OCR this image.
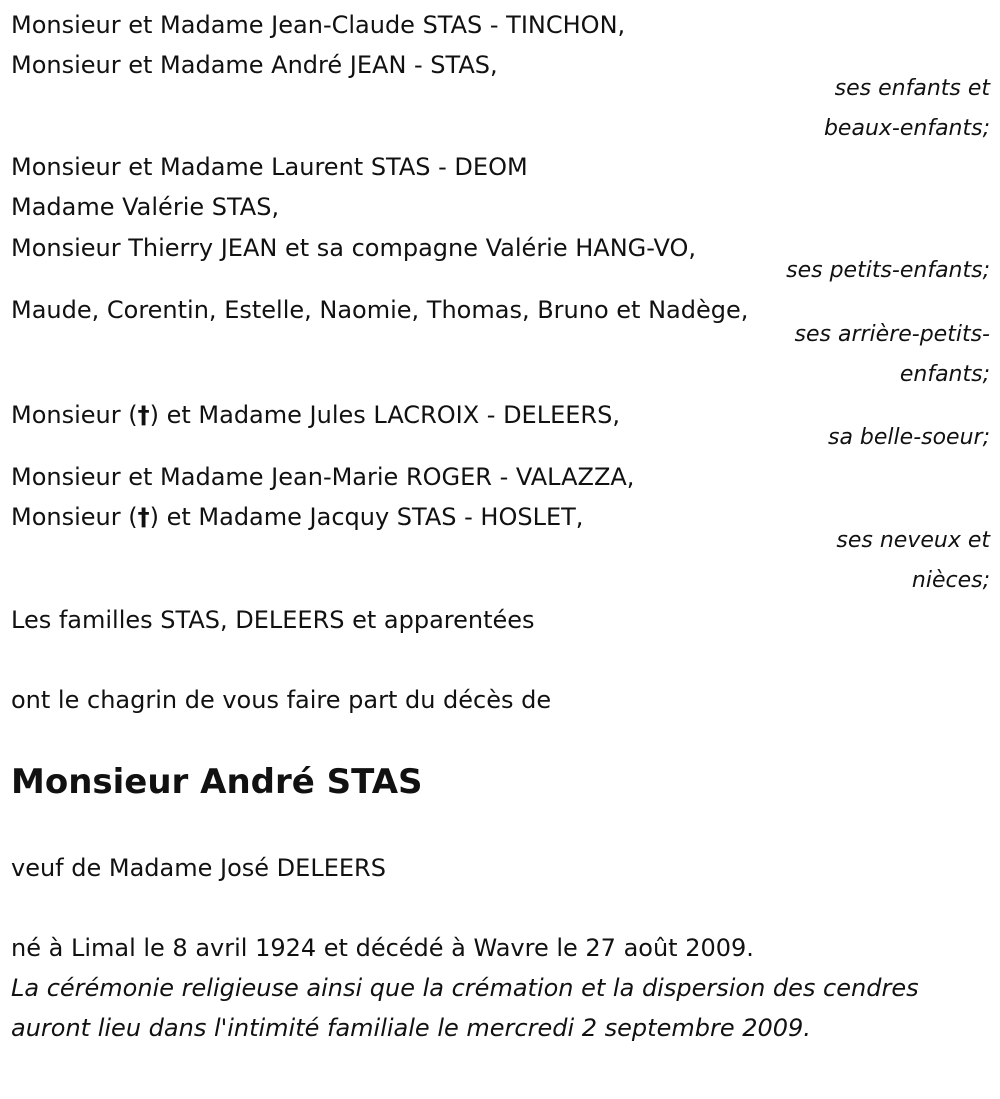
Monsieur et Madame Jean-Claude STAS - TINCHON,
Monsieur et Madame André JEAN - STAS,
ses enfants et
beaux-enfants;
Monsieur et Madame Laurent STAS - DEOM
Madame Valérie STAS,
Monsieur Thierry JEAN et sa compagne Valérie HANG-VO,
ses petits-enfants;
Maude, Corentin, Estelle, Naomie, Thomas, Bruno et Nadège,
ses arrière-petits-
enfants;
Monsieur (†) et Madame Jules LACROIX - DELEERS,
sa belle-soeur;
Monsieur et Madame Jean-Marie ROGER - VALAZZA,
Monsieur (†) et Madame Jacquy STAS - HOSLET,
ses neveux et
nièces;
Les familles STAS, DELEERS et apparentées
ont le chagrin de vous faire part du décès de
Monsieur André STAS
veuf de Madame José DELEERS
né à Limal le 8 avril 1924 et décédé à Wavre le 27 août 2009.
La cérémonie religieuse ainsi que la crémation et la dispersion des cendres auront lieu dans l'intimité familiale le mercredi 2 septembre 2009.
